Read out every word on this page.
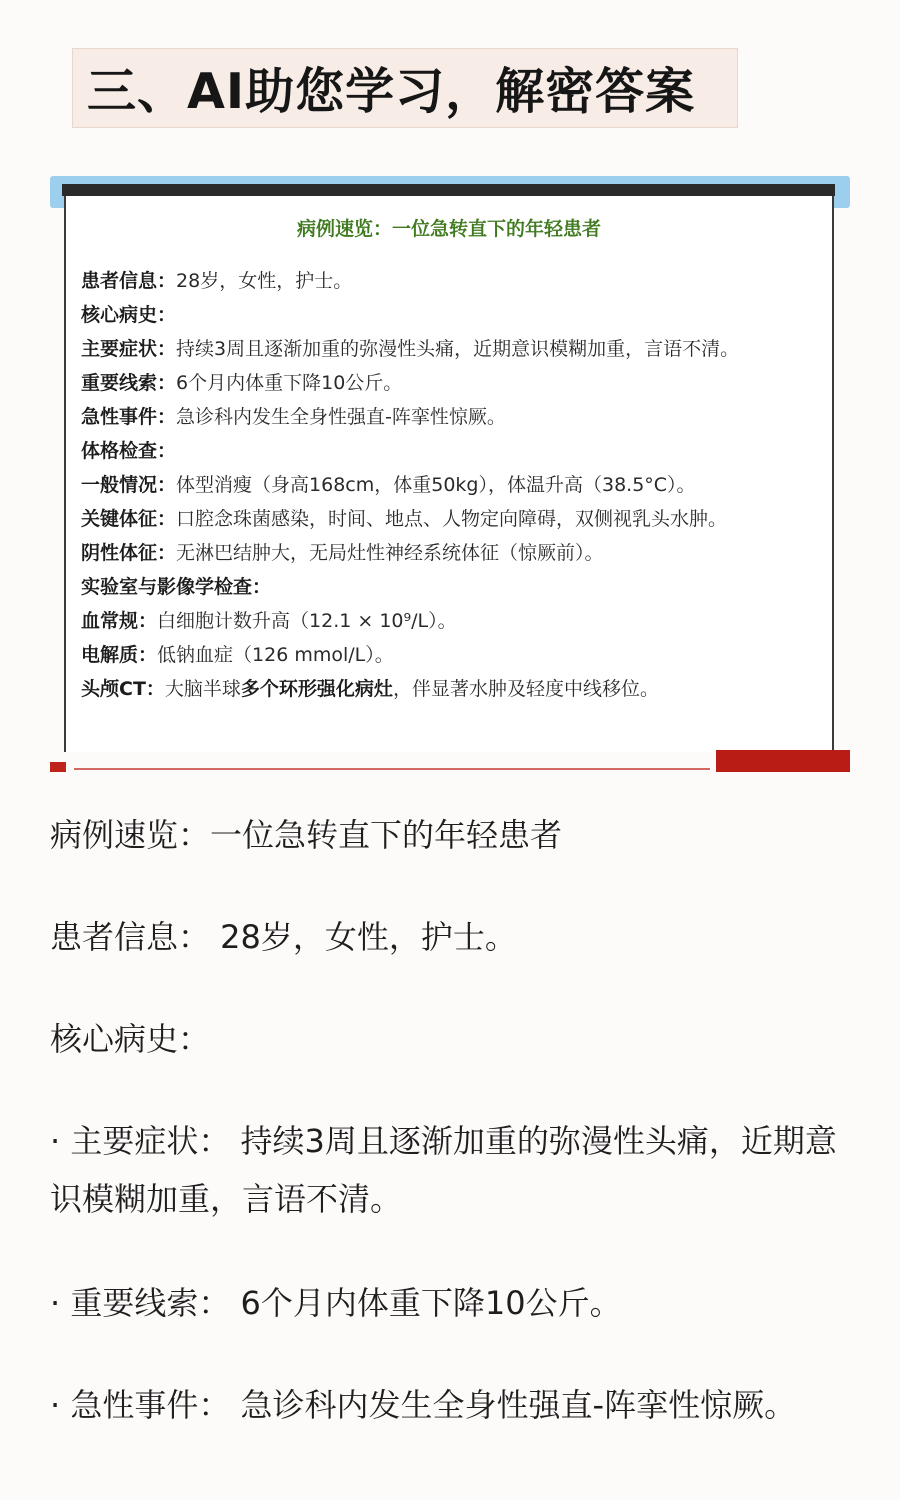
三、AI助您学习，解密答案
病例速览：一位急转直下的年轻患者
患者信息：28岁，女性，护士。
核心病史：
主要症状：持续3周且逐渐加重的弥漫性头痛，近期意识模糊加重，言语不清。
重要线索：6个月内体重下降10公斤。
急性事件：急诊科内发生全身性强直-阵挛性惊厥。
体格检查：
一般情况：体型消瘦（身高168cm，体重50kg），体温升高（38.5°C）。
关键体征：口腔念珠菌感染，时间、地点、人物定向障碍，双侧视乳头水肿。
阴性体征：无淋巴结肿大，无局灶性神经系统体征（惊厥前）。
实验室与影像学检查：
血常规：白细胞计数升高（12.1 × 10⁹/L）。
电解质：低钠血症（126 mmol/L）。
头颅CT：大脑半球多个环形强化病灶，伴显著水肿及轻度中线移位。
病例速览：一位急转直下的年轻患者
患者信息： 28岁，女性，护士。
核心病史：
· 主要症状： 持续3周且逐渐加重的弥漫性头痛，近期意识模糊加重，言语不清。
· 重要线索： 6个月内体重下降10公斤。
· 急性事件： 急诊科内发生全身性强直-阵挛性惊厥。
